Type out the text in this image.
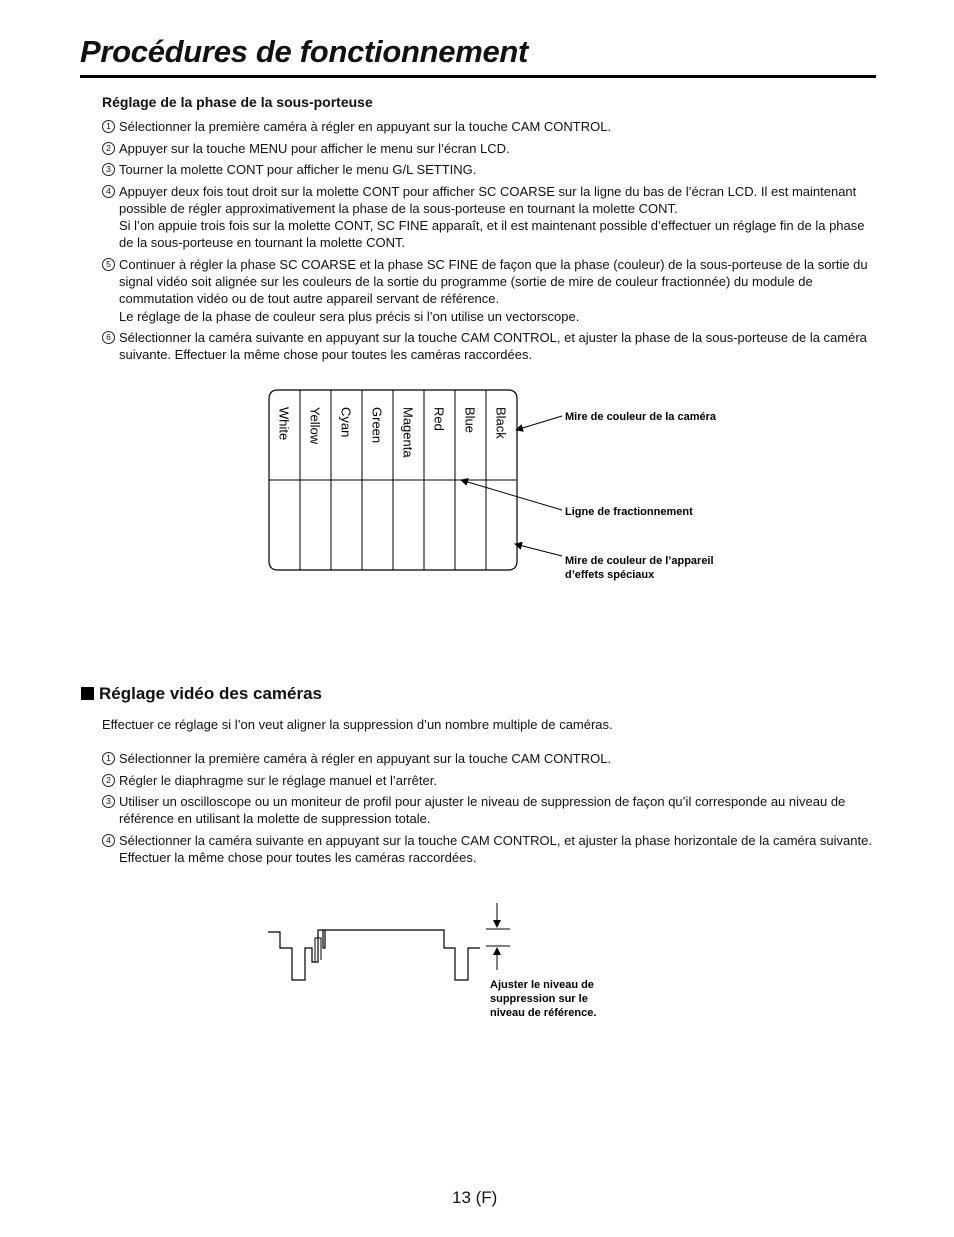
Procédures de fonctionnement
Réglage de la phase de la sous-porteuse
1 Sélectionner la première caméra à régler en appuyant sur la touche CAM CONTROL.
2 Appuyer sur la touche MENU pour afficher le menu sur l’écran LCD.
3 Tourner la molette CONT pour afficher le menu G/L SETTING.
4 Appuyer deux fois tout droit sur la molette CONT pour afficher SC COARSE sur la ligne du bas de l’écran LCD. Il est maintenant possible de régler approximativement la phase de la sous-porteuse en tournant la molette CONT.
Si l’on appuie trois fois sur la molette CONT, SC FINE apparaît, et il est maintenant possible d’effectuer un réglage fin de la phase de la sous-porteuse en tournant la molette CONT.
5 Continuer à régler la phase SC COARSE et la phase SC FINE de façon que la phase (couleur) de la sous-porteuse de la sortie du signal vidéo soit alignée sur les couleurs de la sortie du programme (sortie de mire de couleur fractionnée) du module de commutation vidéo ou de tout autre appareil servant de référence.
Le réglage de la phase de couleur sera plus précis si l’on utilise un vectorscope.
6 Sélectionner la caméra suivante en appuyant sur la touche CAM CONTROL, et ajuster la phase de la sous-porteuse de la caméra suivante. Effectuer la même chose pour toutes les caméras raccordées.
White Yellow Cyan Green Magenta Red Blue Black	Mire de couleur de la caméra
Ligne de fractionnement
Mire de couleur de l’appareil
d’effets spéciaux
Réglage vidéo des caméras
Effectuer ce réglage si l’on veut aligner la suppression d’un nombre multiple de caméras.
1 Sélectionner la première caméra à régler en appuyant sur la touche CAM CONTROL.
2 Régler le diaphragme sur le réglage manuel et l’arrêter.
3 Utiliser un oscilloscope ou un moniteur de profil pour ajuster le niveau de suppression de façon qu’il corresponde au niveau de référence en utilisant la molette de suppression totale.
4 Sélectionner la caméra suivante en appuyant sur la touche CAM CONTROL, et ajuster la phase horizontale de la caméra suivante. Effectuer la même chose pour toutes les caméras raccordées.
Ajuster le niveau de
suppression sur le
niveau de référence.
13 (F)
